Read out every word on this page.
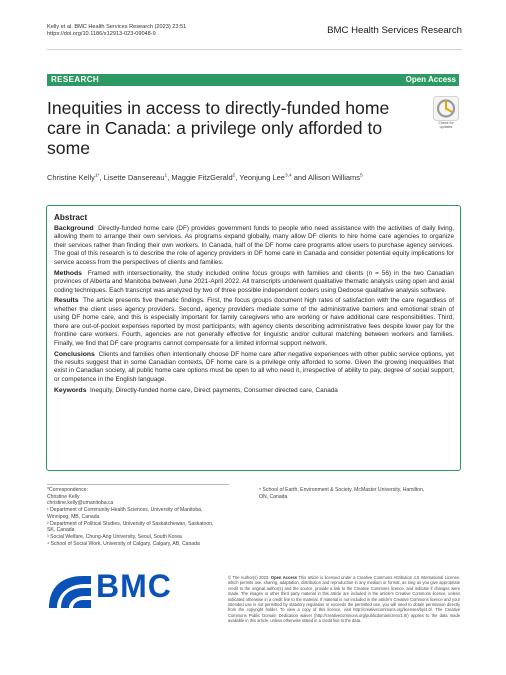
Kelly et al. BMC Health Services Research (2023) 23:51
https://doi.org/10.1186/s12913-023-09048-9	BMC Health Services Research
RESEARCH	Open Access
Inequities in access to directly-funded home care in Canada: a privilege only afforded to some
Check for
updates
Christine Kelly$^{1*}$, Lisette Dansereau$^1$, Maggie FitzGerald$^2$, Yeonjung Lee$^{3,4}$ and Allison Williams$^5$
Abstract

Background Directly-funded home care (DF) provides government funds to people who need assistance with the activities of daily living, allowing them to arrange their own services. As programs expand globally, many allow DF clients to hire home care agencies to organize their services rather than finding their own workers. In Canada, half of the DF home care programs allow users to purchase agency services. The goal of this research is to describe the role of agency providers in DF home care in Canada and consider potential equity implications for service access from the perspectives of clients and families.

Methods Framed with intersectionality, the study included online focus groups with families and clients (n = 56) in the two Canadian provinces of Alberta and Manitoba between June 2021-April 2022. All transcripts underwent qualitative thematic analysis using open and axial coding techniques. Each transcript was analyzed by two of three possible independent coders using Dedoose qualitative analysis software.

Results The article presents five thematic findings. First, the focus groups document high rates of satisfaction with the care regardless of whether the client uses agency providers. Second, agency providers mediate some of the administrative barriers and emotional strain of using DF home care, and this is especially important for family caregivers who are working or have additional care responsibilities. Third, there are out-of-pocket expenses reported by most participants, with agency clients describing administrative fees despite lower pay for the frontline care workers. Fourth, agencies are not generally effective for linguistic and/or cultural matching between workers and families. Finally, we find that DF care programs cannot compensate for a limited informal support network.

Conclusions Clients and families often intentionally choose DF home care after negative experiences with other public service options, yet the results suggest that in some Canadian contexts, DF home care is a privilege only afforded to some. Given the growing inequalities that exist in Canadian society, all public home care options must be open to all who need it, irrespective of ability to pay, degree of social support, or competence in the English language.

Keywords Inequity, Directly-funded home care, Direct payments, Consumer directed care, Canada

*Correspondence:
Christine Kelly
christine.kelly@umanitoba.ca
¹ Department of Community Health Sciences, University of Manitoba,
Winnipeg, MB, Canada
² Department of Political Studies, University of Saskatchewan, Saskatoon,
SK, Canada
³ Social Welfare, Chung-Ang University, Seoul, South Korea
⁴ School of Social Work, University of Calgary, Calgary, AB, Canada
⁵ School of Earth, Environment & Society, McMaster University, Hamilton,
ON, Canada
BMC	© The Author(s) 2023. Open Access This article is licensed under a Creative Commons Attribution 4.0 International License, which permits use, sharing, adaptation, distribution and reproduction in any medium or format, as long as you give appropriate credit to the original author(s) and the source, provide a link to the Creative Commons licence, and indicate if changes were made. The images or other third party material in this article are included in the article's Creative Commons licence, unless indicated otherwise in a credit line to the material. If material is not included in the article's Creative Commons licence and your intended use is not permitted by statutory regulation or exceeds the permitted use, you will need to obtain permission directly from the copyright holder. To view a copy of this licence, visit http://creativecommons.org/licenses/by/4.0/. The Creative Commons Public Domain Dedication waiver (http://creativecommons.org/publicdomain/zero/1.0/) applies to the data made available in this article, unless otherwise stated in a credit line to the data.
